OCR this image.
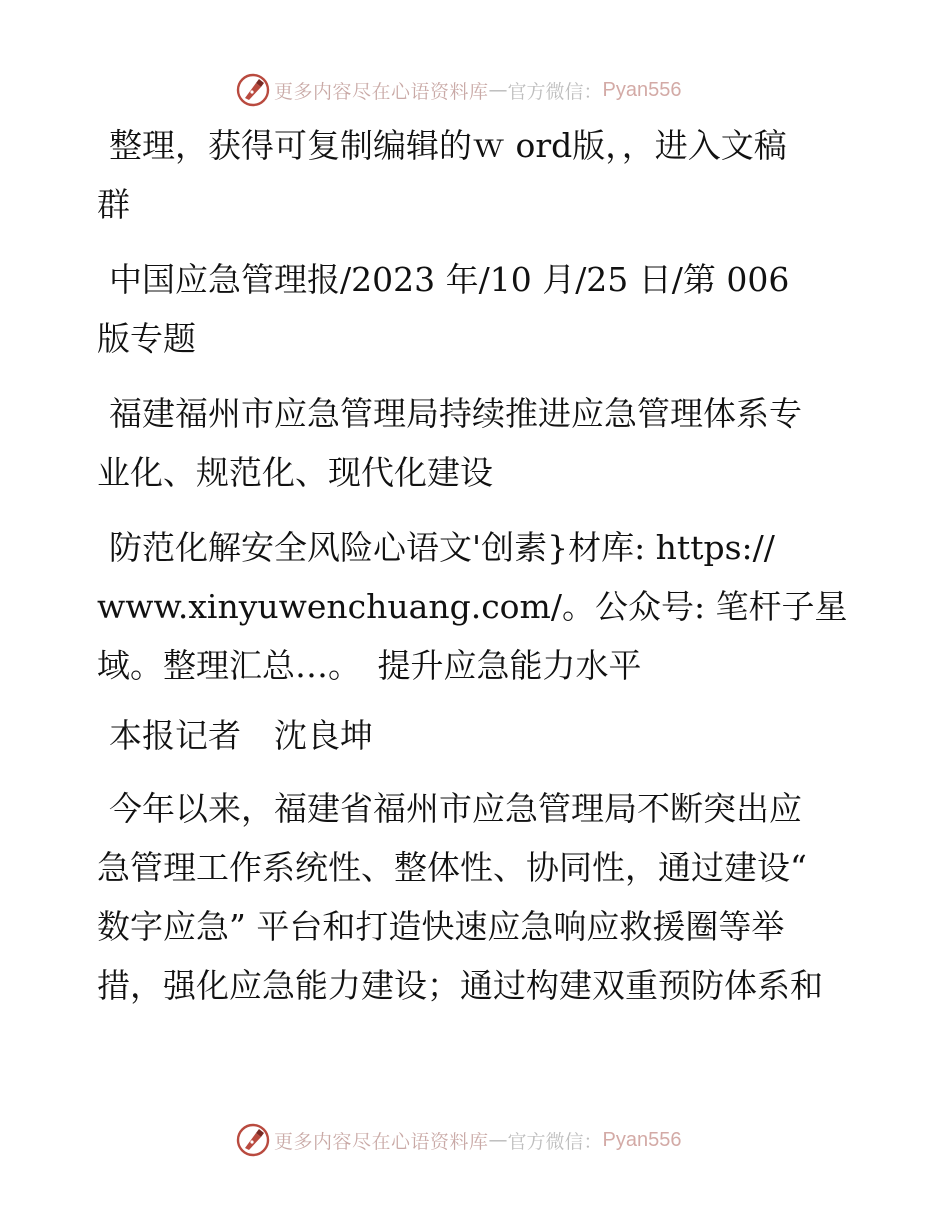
更多内容尽在心语资料库 — 官方微信： Pyan556
整理，获得可复制编辑的ｗ ord版，，进入文稿
群
中国应急管理报/2023 年/10 月/25 日/第 006
版专题
福建福州市应急管理局持续推进应急管理体系专
业化、规范化、现代化建设
防范化解安全风险心语文'创素}材库: https://
www.xinyuwenchuang.com/。公众号: 笔杆子星
域。整理汇总…。　提升应急能力水平
本报记者　沈良坤
今年以来，福建省福州市应急管理局不断突出应
急管理工作系统性、整体性、协同性，通过建设“
数字应急” 平台和打造快速应急响应救援圈等举
措，强化应急能力建设；通过构建双重预防体系和
更多内容尽在心语资料库 — 官方微信： Pyan556
